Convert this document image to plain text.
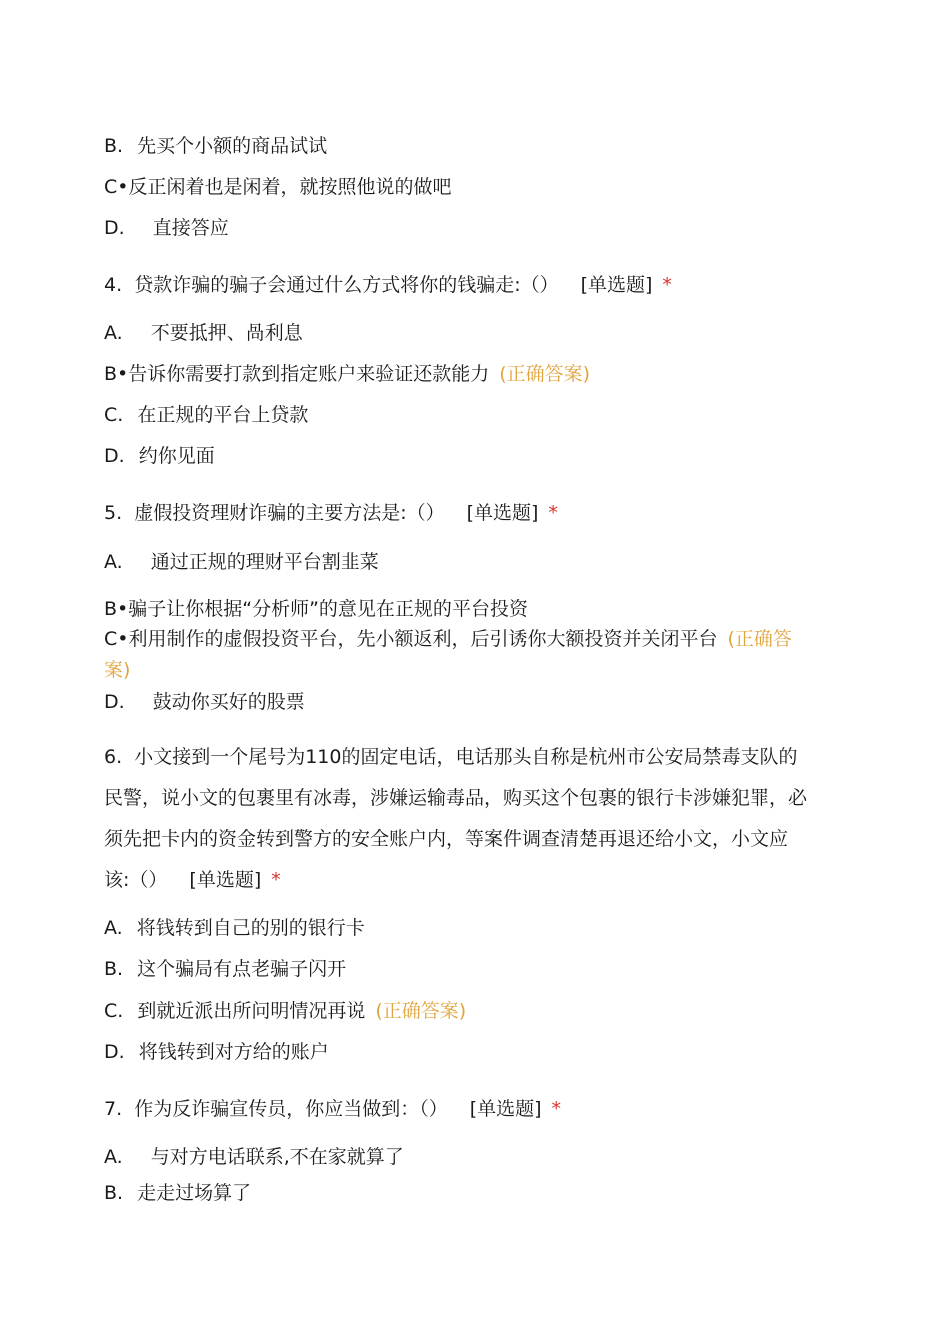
B. 先买个小额的商品试试

C•反正闲着也是闲着，就按照他说的做吧

D. 直接答应

4. 贷款诈骗的骗子会通过什么方式将你的钱骗走:（） [单选题] *

A. 不要抵押、咼利息

B•告诉你需要打款到指定账户来验证还款能力 (正确答案)

C. 在正规的平台上贷款

D. 约你见面

5. 虚假投资理财诈骗的主要方法是:（） [单选题] *

A. 通过正规的理财平台割韭菜

B•骗子让你根据“分析师”的意见在正规的平台投资

C•利用制作的虚假投资平台，先小额返利，后引诱你大额投资并关闭平台 (正确答

案)

D. 鼓动你买好的股票

6. 小文接到一个尾号为110的固定电话，电话那头自称是杭州市公安局禁毒支队的

民警，说小文的包裹里有冰毒，涉嫌运输毒品，购买这个包裹的银行卡涉嫌犯罪，必

须先把卡内的资金转到警方的安全账户内，等案件调查清楚再退还给小文，小文应

该:（） [单选题] *

A. 将钱转到自己的别的银行卡

B. 这个骗局有点老骗子闪开

C. 到就近派出所问明情况再说 (正确答案)

D. 将钱转到对方给的账户

7. 作为反诈骗宣传员，你应当做到：（） [单选题] *

A. 与对方电话联系,不在家就算了

B. 走走过场算了
